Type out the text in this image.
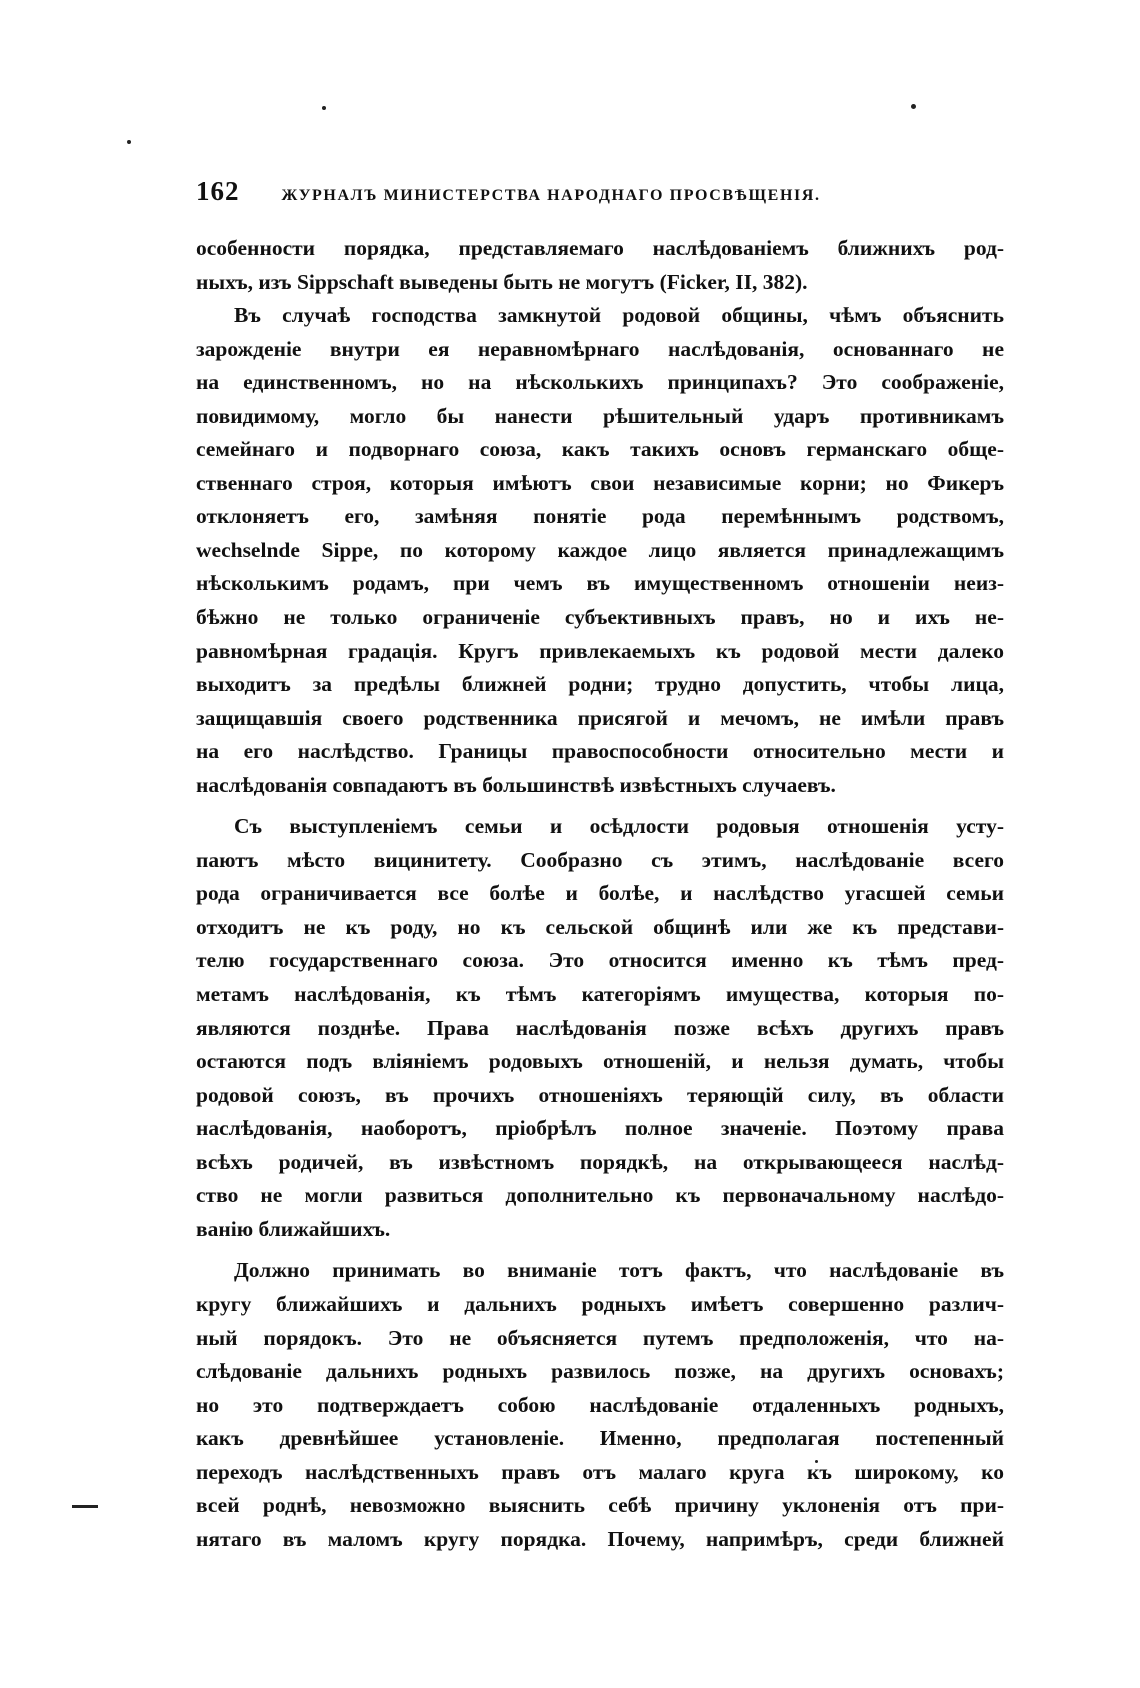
162	ЖУРНАЛЪ МИНИСТЕРСТВА НАРОДНАГО ПРОСВѢЩЕНІЯ.
особенности порядка, представляемаго наслѣдованіемъ ближнихъ род-
ныхъ, изъ Sippschaft выведены быть не могутъ (Ficker, II, 382).
Въ случаѣ господства замкнутой родовой общины, чѣмъ объяснить
зарожденіе внутри ея неравномѣрнаго наслѣдованія, основаннаго не
на единственномъ, но на нѣсколькихъ принципахъ? Это соображеніе,
повидимому, могло бы нанести рѣшительный ударъ противникамъ
семейнаго и подворнаго союза, какъ такихъ основъ германскаго обще-
ственнаго строя, которыя имѣютъ свои независимые корни; но Фикеръ
отклоняетъ его, замѣняя понятіе рода перемѣннымъ родствомъ,
wechselnde Sippe, по которому каждое лицо является принадлежащимъ
нѣсколькимъ родамъ, при чемъ въ имущественномъ отношеніи неиз-
бѣжно не только ограниченіе субъективныхъ правъ, но и ихъ не-
равномѣрная градація. Кругъ привлекаемыхъ къ родовой мести далеко
выходитъ за предѣлы ближней родни; трудно допустить, чтобы лица,
защищавшія своего родственника присягой и мечомъ, не имѣли правъ
на его наслѣдство. Границы правоспособности относительно мести и
наслѣдованія совпадаютъ въ большинствѣ извѣстныхъ случаевъ.
Съ выступленіемъ семьи и осѣдлости родовыя отношенія усту-
паютъ мѣсто вицинитету. Сообразно съ этимъ, наслѣдованіе всего
рода ограничивается все болѣе и болѣе, и наслѣдство угасшей семьи
отходитъ не къ роду, но къ сельской общинѣ или же къ представи-
телю государственнаго союза. Это относится именно къ тѣмъ пред-
метамъ наслѣдованія, къ тѣмъ категоріямъ имущества, которыя по-
являются позднѣе. Права наслѣдованія позже всѣхъ другихъ правъ
остаются подъ вліяніемъ родовыхъ отношеній, и нельзя думать, чтобы
родовой союзъ, въ прочихъ отношеніяхъ теряющій силу, въ области
наслѣдованія, наоборотъ, пріобрѣлъ полное значеніе. Поэтому права
всѣхъ родичей, въ извѣстномъ порядкѣ, на открывающееся наслѣд-
ство не могли развиться дополнительно къ первоначальному наслѣдо-
ванію ближайшихъ.
Должно принимать во вниманіе тотъ фактъ, что наслѣдованіе въ
кругу ближайшихъ и дальнихъ родныхъ имѣетъ совершенно различ-
ный порядокъ. Это не объясняется путемъ предположенія, что на-
слѣдованіе дальнихъ родныхъ развилось позже, на другихъ основахъ;
но это подтверждаетъ собою наслѣдованіе отдаленныхъ родныхъ,
какъ древнѣйшее установленіе. Именно, предполагая постепенный
переходъ наслѣдственныхъ правъ отъ малаго круга къ широкому, ко
всей роднѣ, невозможно выяснить себѣ причину уклоненія отъ при-
нятаго въ маломъ кругу порядка. Почему, напримѣръ, среди ближней
